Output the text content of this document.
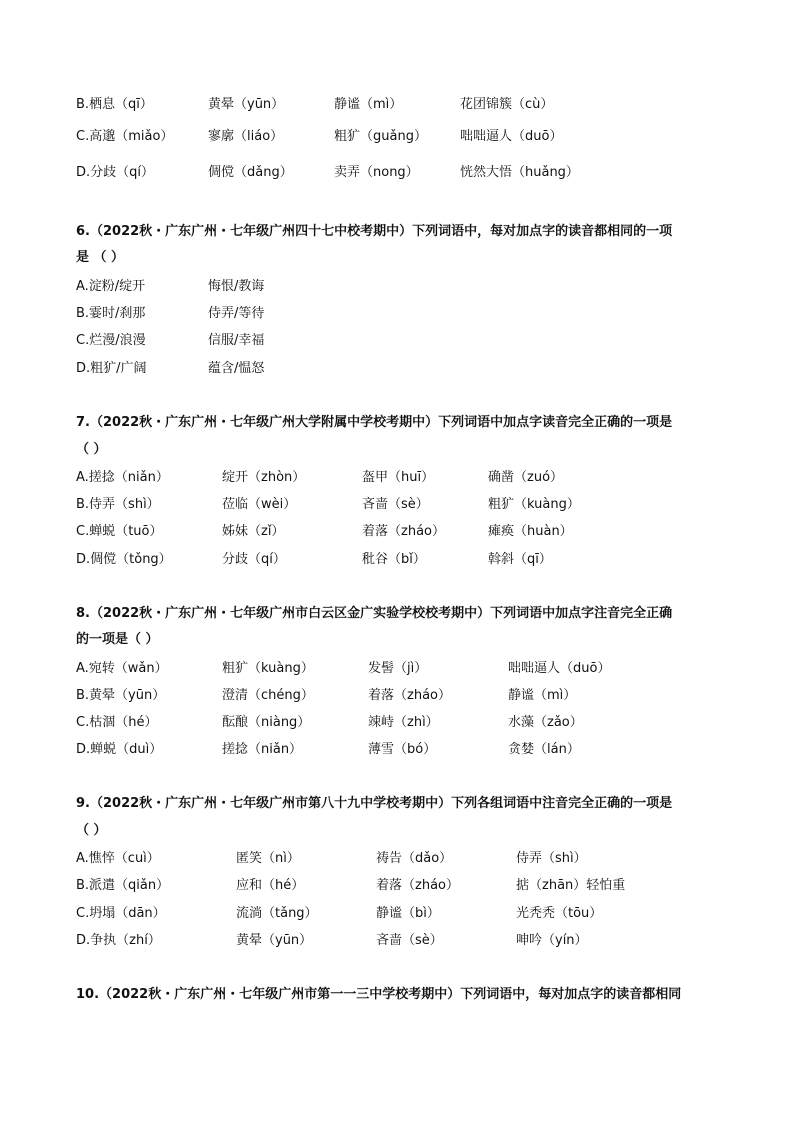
B.栖息（qī）	黄晕（yūn）	静谧（mì）	花团锦簇（cù）
C.高邈（miǎo）	寥廓（liáo）	粗犷（guǎng）	咄咄逼人（duō）
D.分歧（qí）	倜傥（dǎng）	卖弄（nong）	恍然大悟（huǎng）
6.（2022秋・广东广州・七年级广州四十七中校考期中）下列词语中，每对加点字的读音都相同的一项
是 （ ）
A.淀粉/绽开	悔恨/教诲
B.霎时/刹那	侍弄/等待
C.烂漫/浪漫	信服/幸福
D.粗犷/广阔	蕴含/愠怒
7.（2022秋・广东广州・七年级广州大学附属中学校考期中）下列词语中加点字读音完全正确的一项是
（ ）
A.搓捻（niǎn）	绽开（zhòn）	盔甲（huī）	确凿（zuó）
B.侍弄（shì）	莅临（wèi）	吝啬（sè）	粗犷（kuàng）
C.蝉蜕（tuō）	姊妹（zǐ）	着落（zháo）	瘫痪（huàn）
D.倜傥（tǒng）	分歧（qí）	秕谷（bǐ）	斡斜（qī）
8.（2022秋・广东广州・七年级广州市白云区金广实验学校校考期中）下列词语中加点字注音完全正确
的一项是（ ）
A.宛转（wǎn）	粗犷（kuàng）	发髻（jì）	咄咄逼人（duō）
B.黄晕（yūn）	澄清（chéng）	着落（zháo）	静谧（mì）
C.枯涸（hé）	酝酿（niàng）	竦峙（zhì）	水藻（zǎo）
D.蝉蜕（duì）	搓捻（niǎn）	薄雪（bó）	贪婪（lán）
9.（2022秋・广东广州・七年级广州市第八十九中学校考期中）下列各组词语中注音完全正确的一项是
（ ）
A.憔悴（cuì）	匿笑（nì）	祷告（dǎo）	侍弄（shì）
B.派遣（qiǎn）	应和（hé）	着落（zháo）	掂（zhān）轻怕重
C.坍塌（dān）	流淌（tǎng）	静谧（bì）	光秃秃（tōu）
D.争执（zhí）	黄晕（yūn）	吝啬（sè）	呻吟（yín）
10.（2022秋・广东广州・七年级广州市第一一三中学校考期中）下列词语中，每对加点字的读音都相同
